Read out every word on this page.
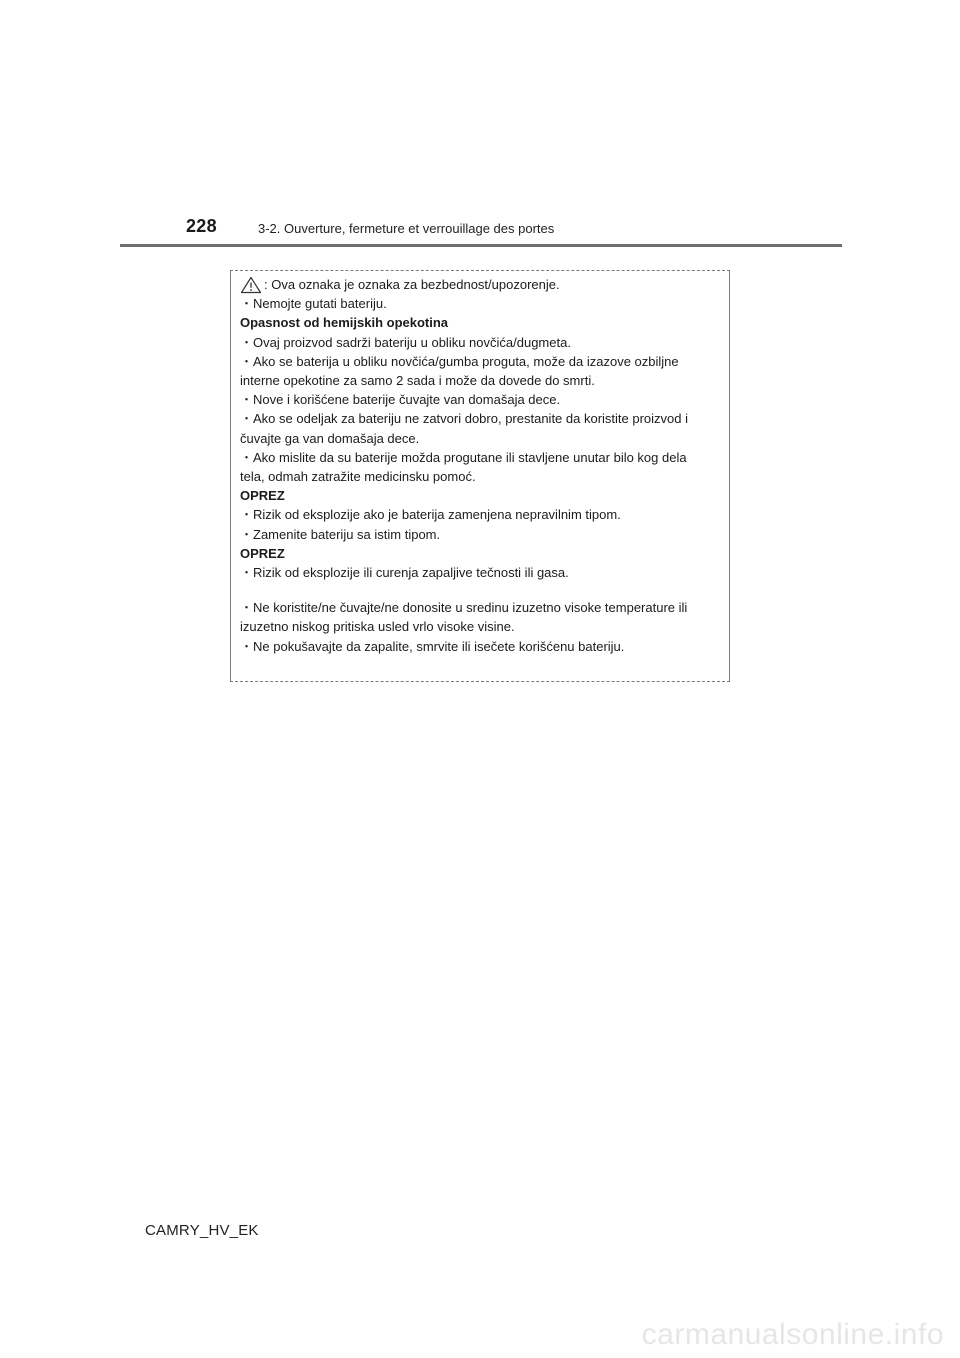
228	3-2. Ouverture, fermeture et verrouillage des portes
: Ova oznaka je oznaka za bezbednost/upozorenje.
・Nemojte gutati bateriju.
Opasnost od hemijskih opekotina
・Ovaj proizvod sadrži bateriju u obliku novčića/dugmeta.
・Ako se baterija u obliku novčića/gumba proguta, može da izazove ozbiljne
interne opekotine za samo 2 sada i može da dovede do smrti.
・Nove i korišćene baterije čuvajte van domašaja dece.
・Ako se odeljak za bateriju ne zatvori dobro, prestanite da koristite proizvod i
čuvajte ga van domašaja dece.
・Ako mislite da su baterije možda progutane ili stavljene unutar bilo kog dela
tela, odmah zatražite medicinsku pomoć.
OPREZ
・Rizik od eksplozije ako je baterija zamenjena nepravilnim tipom.
・Zamenite bateriju sa istim tipom.
OPREZ
・Rizik od eksplozije ili curenja zapaljive tečnosti ili gasa.
・Ne koristite/ne čuvajte/ne donosite u sredinu izuzetno visoke temperature ili
izuzetno niskog pritiska usled vrlo visoke visine.
・Ne pokušavajte da zapalite, smrvite ili isečete korišćenu bateriju.
CAMRY_HV_EK
carmanualsonline.info
